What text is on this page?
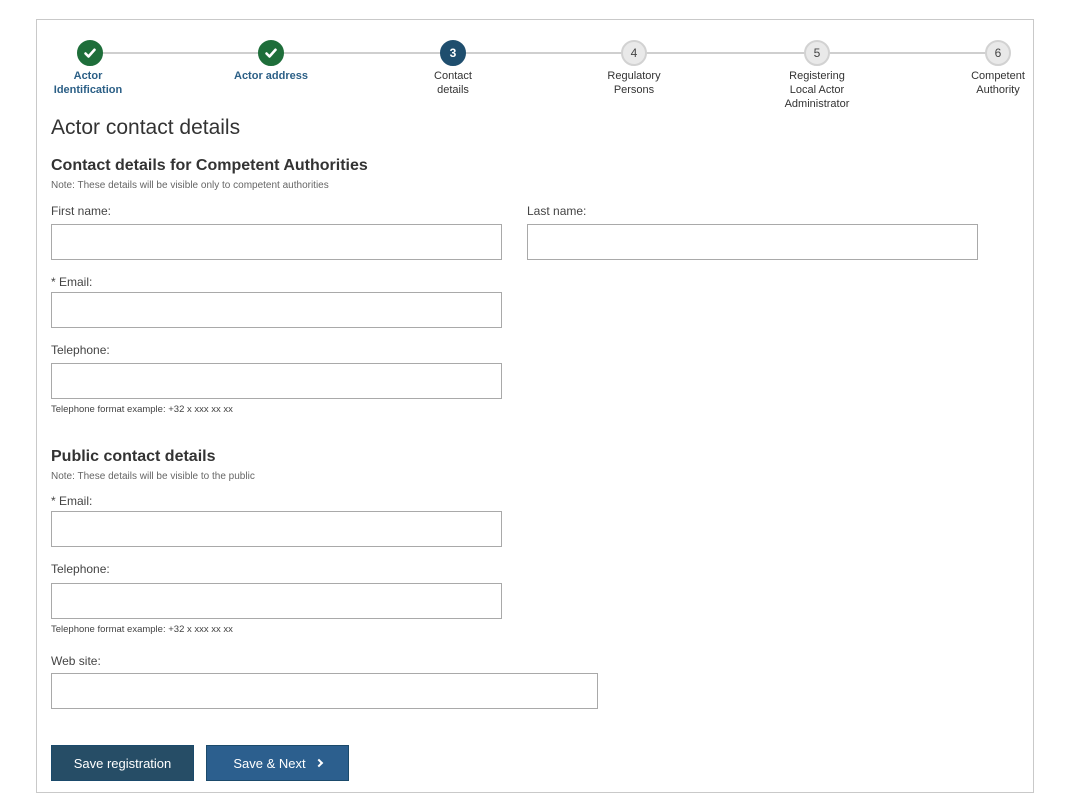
Actor
Identification
Actor address
3
Contact
details
4
Regulatory
Persons
5
Registering
Local Actor
Administrator
6
Competent
Authority
Actor contact details
Contact details for Competent Authorities
Note: These details will be visible only to competent authorities
First name:	Last name:
* Email:
Telephone:
Telephone format example: +32 x xxx xx xx
Public contact details
Note: These details will be visible to the public
* Email:
Telephone:
Telephone format example: +32 x xxx xx xx
Web site:
Save registration	Save & Next
